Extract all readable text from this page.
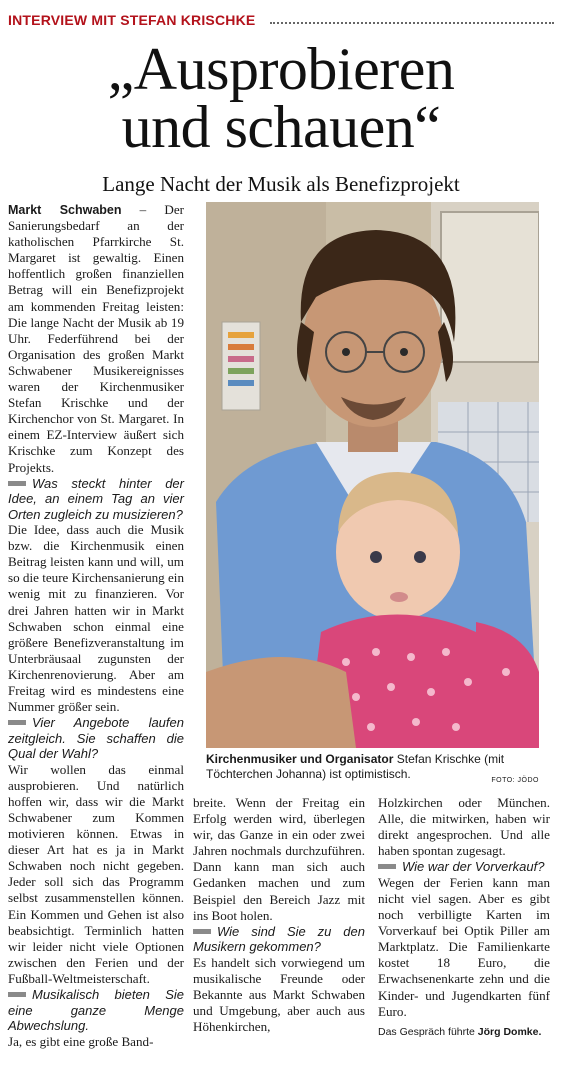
INTERVIEW MIT STEFAN KRISCHKE
„Ausprobieren
und schauen“
Lange Nacht der Musik als Benefizprojekt

Markt Schwaben – Der Sanierungsbedarf an der katholischen Pfarrkirche St. Margaret ist gewaltig. Einen hoffentlich großen finanziellen Betrag will ein Benefizprojekt am kommenden Freitag leisten: Die lange Nacht der Musik ab 19 Uhr. Federführend bei der Organisation des großen Markt Schwabener Musikereignisses waren der Kirchenmusiker Stefan Krischke und der Kirchenchor von St. Margaret. In einem EZ-Interview äußert sich Krischke zum Konzept des Projekts.

Was steckt hinter der Idee, an einem Tag an vier Orten zugleich zu musizieren?

Die Idee, dass auch die Musik bzw. die Kirchenmusik einen Beitrag leisten kann und will, um so die teure Kirchensanierung ein wenig mit zu finanzieren. Vor drei Jahren hatten wir in Markt Schwaben schon einmal eine größere Benefizveranstaltung im Unterbräusaal zugunsten der Kirchenrenovierung. Aber am Freitag wird es mindestens eine Nummer größer sein.

Vier Angebote laufen zeitgleich. Sie schaffen die Qual der Wahl?

Wir wollen das einmal ausprobieren. Und natürlich hoffen wir, dass wir die Markt Schwabener zum Kommen motivieren können. Etwas in dieser Art hat es ja in Markt Schwaben noch nicht gegeben. Jeder soll sich das Programm selbst zusammenstellen können. Ein Kommen und Gehen ist also beabsichtigt. Terminlich hatten wir leider nicht viele Optionen zwischen den Ferien und der Fußball-Weltmeisterschaft.

Musikalisch bieten Sie eine ganze Menge Abwechslung.

Ja, es gibt eine große Band-

Kirchenmusiker und Organisator Stefan Krischke (mit Töchterchen Johanna) ist optimistisch.	FOTO: JÖDO

breite. Wenn der Freitag ein Erfolg werden wird, überlegen wir, das Ganze in ein oder zwei Jahren nochmals durchzuführen. Dann kann man sich auch Gedanken machen und zum Beispiel den Bereich Jazz mit ins Boot holen.

Wie sind Sie zu den Musikern gekommen?

Es handelt sich vorwiegend um musikalische Freunde oder Bekannte aus Markt Schwaben und Umgebung, aber auch aus Höhenkirchen,

Holzkirchen oder München. Alle, die mitwirken, haben wir direkt angesprochen. Und alle haben spontan zugesagt.

Wie war der Vorverkauf?

Wegen der Ferien kann man nicht viel sagen. Aber es gibt noch verbilligte Karten im Vorverkauf bei Optik Piller am Marktplatz. Die Familienkarte kostet 18 Euro, die Erwachsenenkarte zehn und die Kinder- und Jugendkarten fünf Euro.

Das Gespräch führte Jörg Domke.
